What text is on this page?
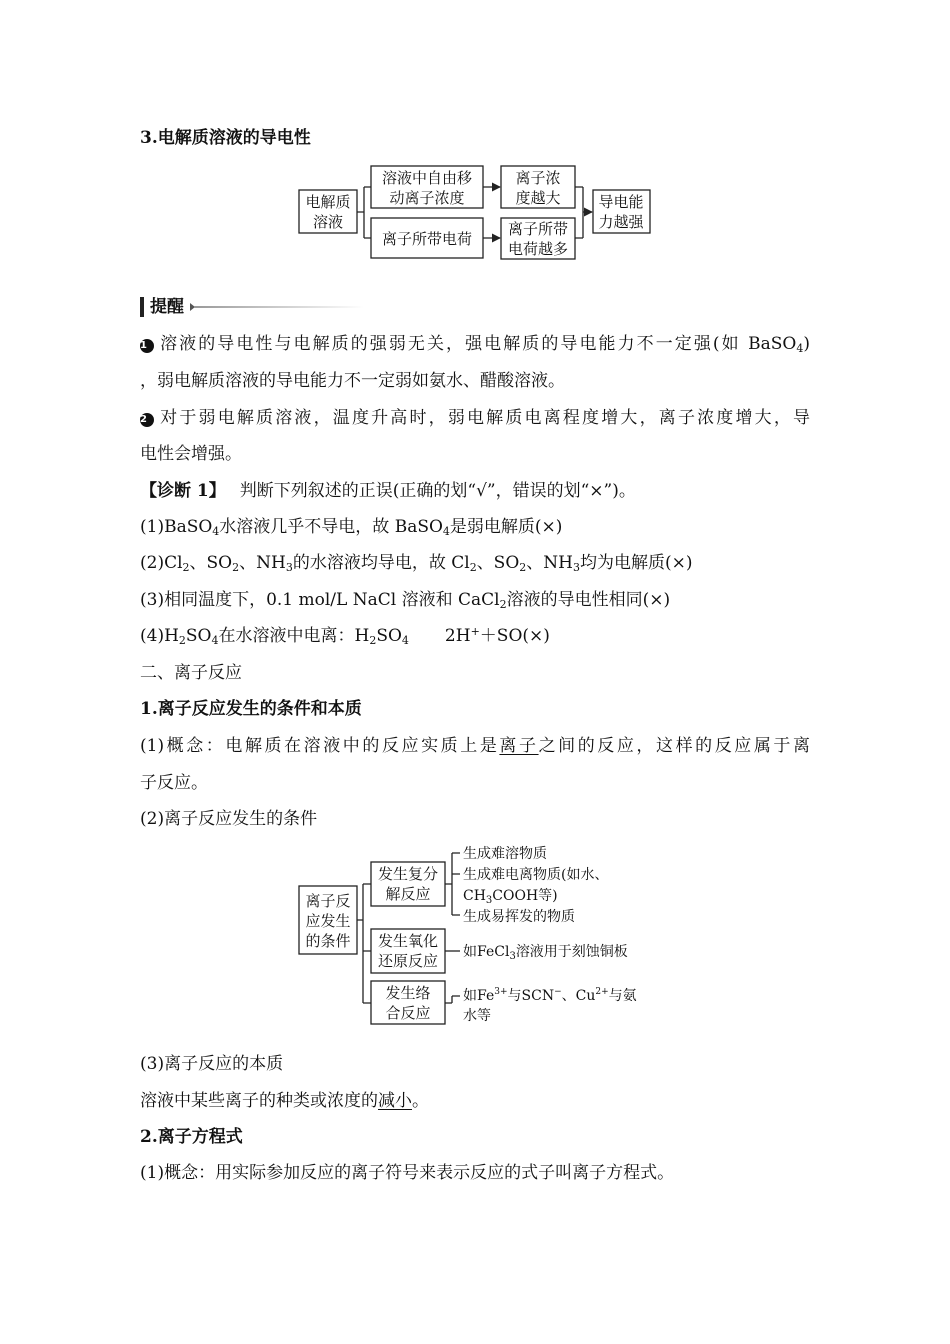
3.电解质溶液的导电性
电解质
溶液
溶液中自由移
动离子浓度
离子所带电荷
离子浓
度越大
离子所带
电荷越多
导电能
力越强
提醒
1 溶液的导电性与电解质的强弱无关，强电解质的导电能力不一定强(如 BaSO$_4$)
，弱电解质溶液的导电能力不一定弱如氨水、醋酸溶液。
2 对于弱电解质溶液，温度升高时，弱电解质电离程度增大，离子浓度增大，导
电性会增强。
【诊断 1】 判断下列叙述的正误(正确的划“√”，错误的划“×”)。
(1)BaSO$_4$水溶液几乎不导电，故 BaSO$_4$是弱电解质(×)
$(2)Cl_2$、$SO_2$、$NH_3$的水溶液均导电，故 $Cl_2$、$SO_2$、$NH_3$均为电解质(×)
(3)相同温度下，0.1 mol/L NaCl 溶液和 CaCl$_2$溶液的导电性相同(×)
$(4)H_2SO_4$在水溶液中电离：$H_2SO_4$ 2H+＋SO(×)
二、离子反应
1.离子反应发生的条件和本质
(1)概念：电解质在溶液中的反应实质上是离子之间的反应，这样的反应属于离
子反应。
(2)离子反应发生的条件
离子反
应发生
的条件
发生复分
解反应
发生氧化
还原反应
发生络
合反应
生成难溶物质
生成难电离物质(如水、
$CH_3COOH$等)
生成易挥发的物质
如FeCl$_3$溶液用于刻蚀铜板
如$Fe^{3+}$与SCN−、$Cu^{2+}$与氨
水等
(3)离子反应的本质
溶液中某些离子的种类或浓度的减小。
2.离子方程式
(1)概念：用实际参加反应的离子符号来表示反应的式子叫离子方程式。
